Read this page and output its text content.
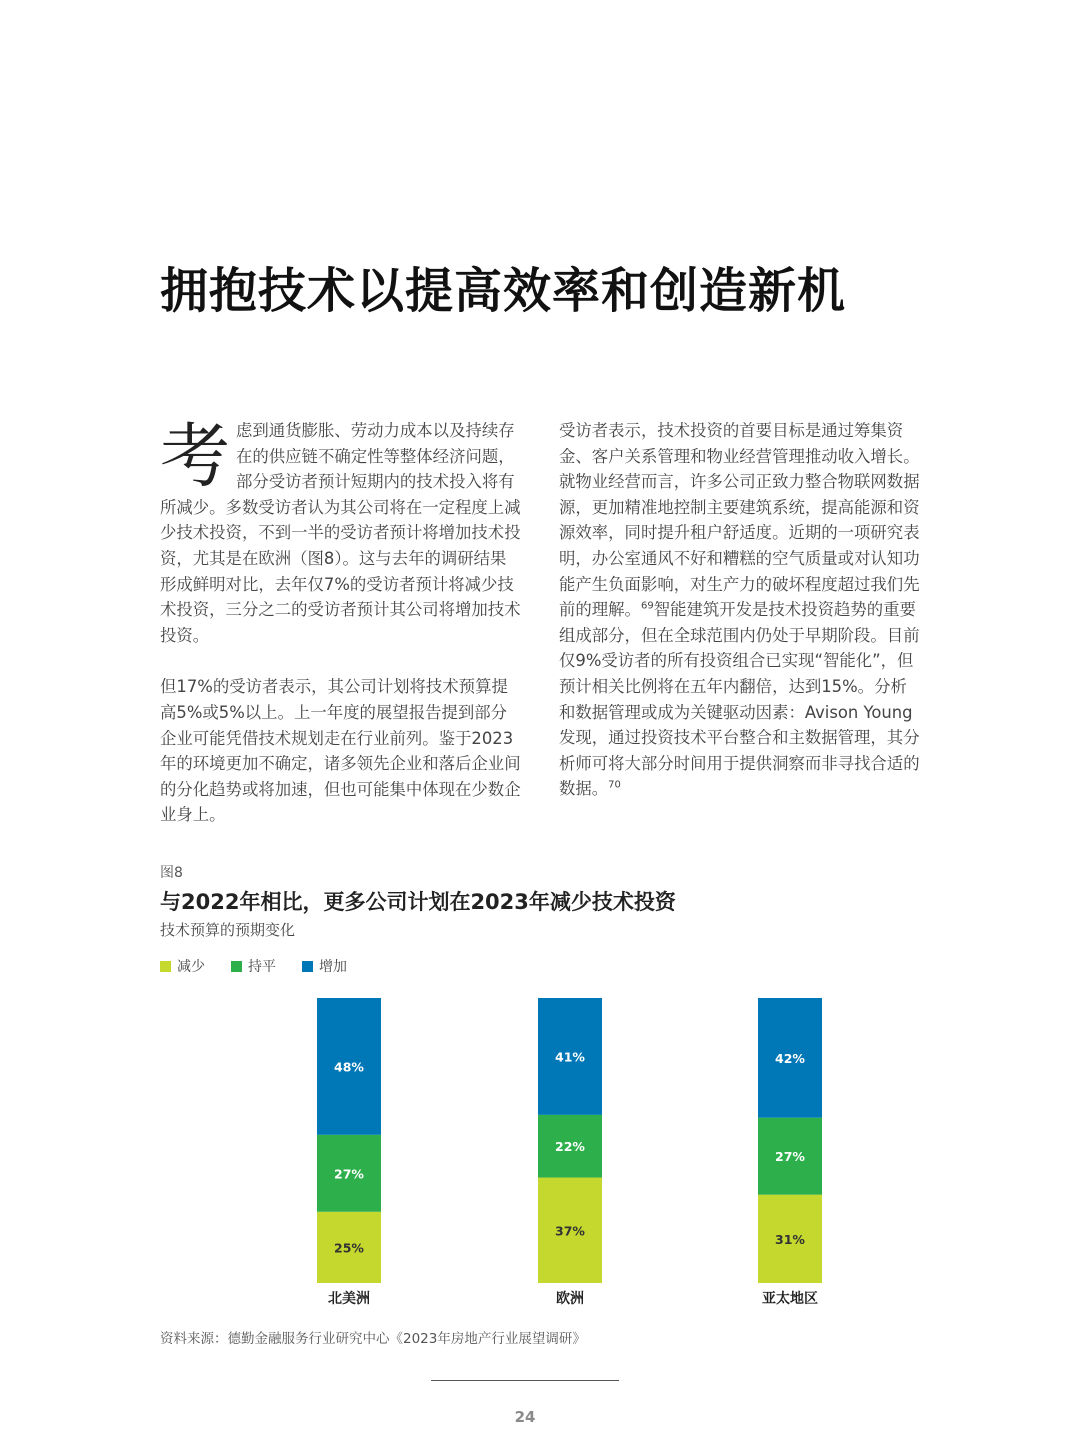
拥抱技术以提高效率和创造新机

考虑到通货膨胀、劳动力成本以及持续存在的供应链不确定性等整体经济问题，部分受访者预计短期内的技术投入将有所减少。多数受访者认为其公司将在一定程度上减少技术投资，不到一半的受访者预计将增加技术投资，尤其是在欧洲（图8）。这与去年的调研结果形成鲜明对比，去年仅7%的受访者预计将减少技术投资，三分之二的受访者预计其公司将增加技术投资。

但17%的受访者表示，其公司计划将技术预算提高5%或5%以上。上一年度的展望报告提到部分企业可能凭借技术规划走在行业前列。鉴于2023年的环境更加不确定，诸多领先企业和落后企业间的分化趋势或将加速，但也可能集中体现在少数企业身上。

受访者表示，技术投资的首要目标是通过筹集资金、客户关系管理和物业经营管理推动收入增长。就物业经营而言，许多公司正致力整合物联网数据源，更加精准地控制主要建筑系统，提高能源和资源效率，同时提升租户舒适度。近期的一项研究表明，办公室通风不好和糟糕的空气质量或对认知功能产生负面影响，对生产力的破坏程度超过我们先前的理解。$^{69}$智能建筑开发是技术投资趋势的重要组成部分，但在全球范围内仍处于早期阶段。目前仅9%受访者的所有投资组合已实现“智能化”，但预计相关比例将在五年内翻倍，达到15%。分析和数据管理或成为关键驱动因素：Avison Young发现，通过投资技术平台整合和主数据管理，其分析师可将大部分时间用于提供洞察而非寻找合适的数据。$^{70}$

图8
与2022年相比，更多公司计划在2023年减少技术投资
技术预算的预期变化
减少	持平	增加
25%
27%
48%
北美洲
37%
22%
41%
欧洲
31%
27%
42%
亚太地区
资料来源：德勤金融服务行业研究中心《2023年房地产行业展望调研》
24
